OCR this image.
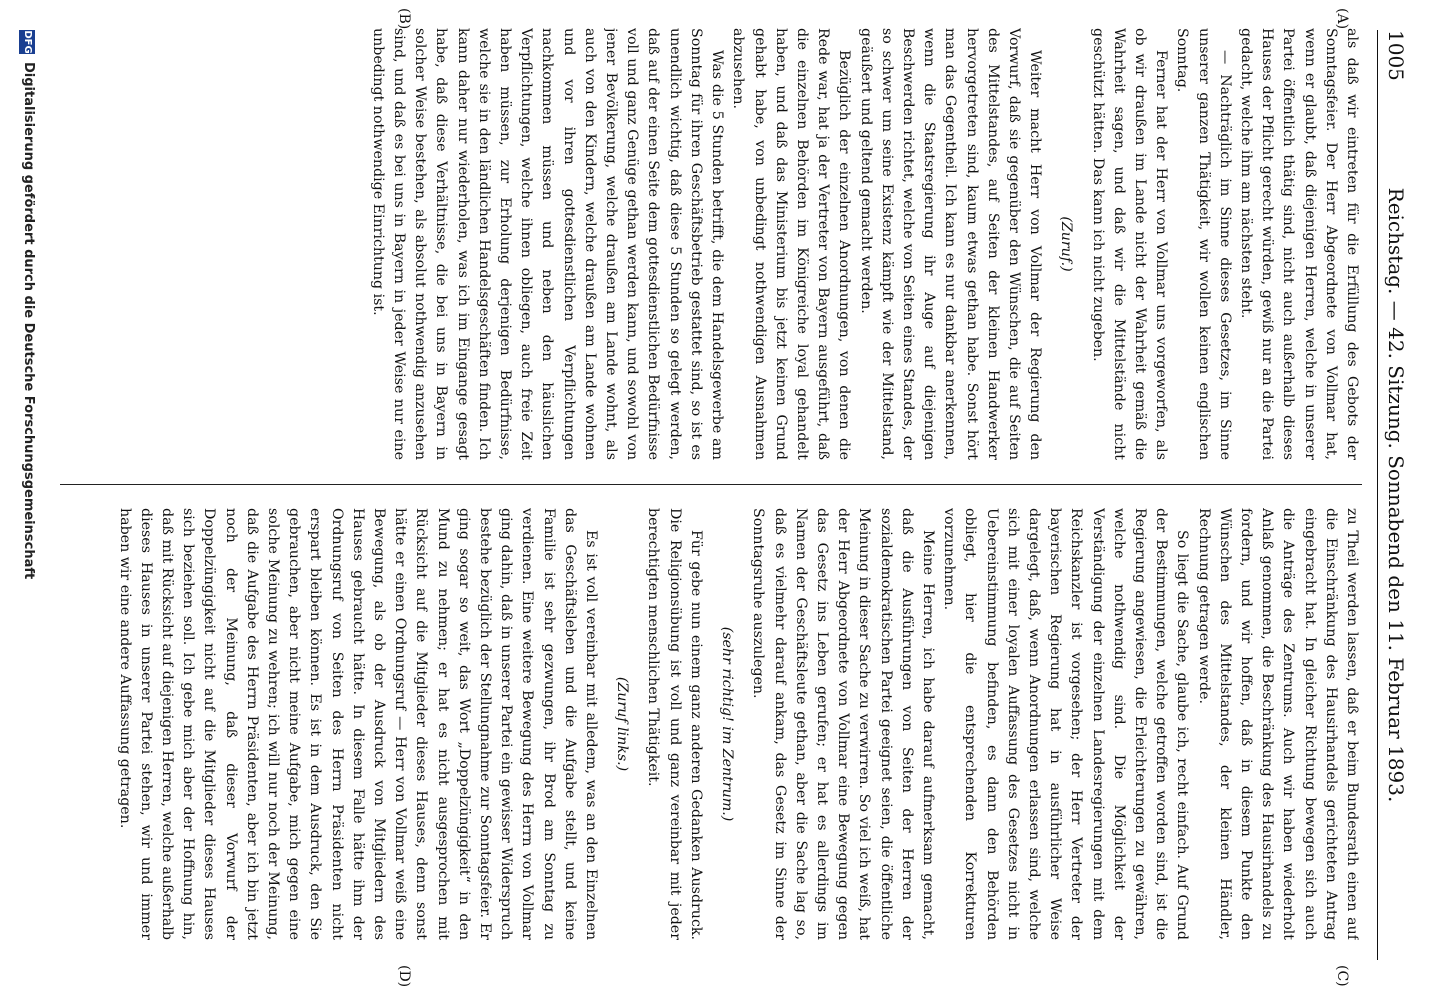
1005
Reichstag. — 42. Sitzung. Sonnabend den 11. Februar 1893.
(C)
(D)
(A)
(B)

als daß wir eintreten für die Erfüllung des Gebots der Sonntagsfeier. Der Herr Abgeordnete von Vollmar hat, wenn er glaubt, daß diejenigen Herren, welche in unserer Partei öffentlich thätig sind, nicht auch außerhalb dieses Hauses der Pflicht gerecht würden, gewiß nur an die Partei gedacht, welche ihm am nächsten steht.

— Nachträglich im Sinne dieses Gesetzes, im Sinne unserer ganzen Thätigkeit, wir wollen keinen englischen Sonntag.

Ferner hat der Herr von Vollmar uns vorgeworfen, als ob wir draußen im Lande nicht der Wahrheit gemäß die Wahrheit sagen, und daß wir die Mittelstände nicht geschützt hätten. Das kann ich nicht zugeben.

(Zuruf.)

Weiter macht Herr von Vollmar der Regierung den Vorwurf, daß sie gegenüber den Wünschen, die auf Seiten des Mittelstandes, auf Seiten der kleinen Handwerker hervorgetreten sind, kaum etwas gethan habe. Sonst hört man das Gegentheil. Ich kann es nur dankbar anerkennen, wenn die Staatsregierung ihr Auge auf diejenigen Beschwerden richtet, welche von Seiten eines Standes, der so schwer um seine Existenz kämpft wie der Mittelstand, geäußert und geltend gemacht werden.

Bezüglich der einzelnen Anordnungen, von denen die Rede war, hat ja der Vertreter von Bayern ausgeführt, daß die einzelnen Behörden im Königreiche loyal gehandelt haben, und daß das Ministerium bis jetzt keinen Grund gehabt habe, von unbedingt nothwendigen Ausnahmen abzusehen.

Was die 5 Stunden betrifft, die dem Handelsgewerbe am Sonntag für ihren Geschäftsbetrieb gestattet sind, so ist es unendlich wichtig, daß diese 5 Stunden so gelegt werden, daß auf der einen Seite dem gottesdienstlichen Bedürfnisse voll und ganz Genüge gethan werden kann, und sowohl von jener Bevölkerung, welche draußen am Lande wohnt, als auch von den Kindern, welche draußen am Lande wohnen und vor ihren gottesdienstlichen Verpflichtungen nachkommen müssen und neben den häuslichen Verpflichtungen, welche ihnen obliegen, auch freie Zeit haben müssen, zur Erholung derjenigen Bedürfnisse, welche sie in den ländlichen Handelsgeschäften finden. Ich kann daher nur wiederholen, was ich im Eingange gesagt habe, daß diese Verhältnisse, die bei uns in Bayern in solcher Weise bestehen, als absolut nothwendig anzusehen sind, und daß es bei uns in Bayern in jeder Weise nur eine unbedingt nothwendige Einrichtung ist.

zu Theil werden lassen, daß er beim Bundesrath einen auf die Einschränkung des Hausirhandels gerichteten Antrag eingebracht hat. In gleicher Richtung bewegen sich auch die Anträge des Zentrums. Auch wir haben wiederholt Anlaß genommen, die Beschränkung des Hausirhandels zu fordern, und wir hoffen, daß in diesem Punkte den Wünschen des Mittelstandes, der kleinen Händler, Rechnung getragen werde.

So liegt die Sache, glaube ich, recht einfach. Auf Grund der Bestimmungen, welche getroffen worden sind, ist die Regierung angewiesen, die Erleichterungen zu gewähren, welche nothwendig sind. Die Möglichkeit der Verständigung der einzelnen Landesregierungen mit dem Reichskanzler ist vorgesehen; der Herr Vertreter der bayerischen Regierung hat in ausführlicher Weise dargelegt, daß, wenn Anordnungen erlassen sind, welche sich mit einer loyalen Auffassung des Gesetzes nicht in Uebereinstimmung befinden, es dann den Behörden obliegt, hier die entsprechenden Korrekturen vorzunehmen.

Meine Herren, ich habe darauf aufmerksam gemacht, daß die Ausführungen von Seiten der Herren der sozialdemokratischen Partei geeignet seien, die öffentliche Meinung in dieser Sache zu verwirren. So viel ich weiß, hat der Herr Abgeordnete von Vollmar eine Bewegung gegen das Gesetz ins Leben gerufen; er hat es allerdings im Namen der Geschäftsleute gethan, aber die Sache lag so, daß es vielmehr darauf ankam, das Gesetz im Sinne der Sonntagsruhe auszulegen.

(sehr richtig! im Zentrum.)

Für gebe nun einem ganz anderen Gedanken Ausdruck. Die Religionsübung ist voll und ganz vereinbar mit jeder berechtigten menschlichen Thätigkeit.

(Zuruf links.)

Es ist voll vereinbar mit alledem, was an den Einzelnen das Geschäftsleben und die Aufgabe stellt, und keine Familie ist sehr gezwungen, ihr Brod am Sonntag zu verdienen. Eine weitere Bewegung des Herrn von Vollmar ging dahin, daß in unserer Partei ein gewisser Widerspruch bestehe bezüglich der Stellungnahme zur Sonntagsfeier. Er ging sogar so weit, das Wort „Doppelzüngigkeit“ in den Mund zu nehmen; er hat es nicht ausgesprochen mit Rücksicht auf die Mitglieder dieses Hauses, denn sonst hätte er einen Ordnungsruf — Herr von Vollmar weiß eine Bewegung, als ob der Ausdruck von Mitgliedern des Hauses gebraucht hätte. In diesem Falle hätte ihm der Ordnungsruf von Seiten des Herrn Präsidenten nicht erspart bleiben können. Es ist in dem Ausdruck, den Sie gebrauchen, aber nicht meine Aufgabe, mich gegen eine solche Meinung zu wehren; ich will nur noch der Meinung, daß die Aufgabe des Herrn Präsidenten, aber ich bin jetzt noch der Meinung, daß dieser Vorwurf der Doppelzüngigkeit nicht auf die Mitglieder dieses Hauses sich beziehen soll. Ich gebe mich aber der Hoffnung hin, daß mit Rücksicht auf diejenigen Herren, welche außerhalb dieses Hauses in unserer Partei stehen, wir und immer haben wir eine andere Auffassung getragen.

DFG
Digitalisierung gefördert durch die Deutsche Forschungsgemeinschaft
